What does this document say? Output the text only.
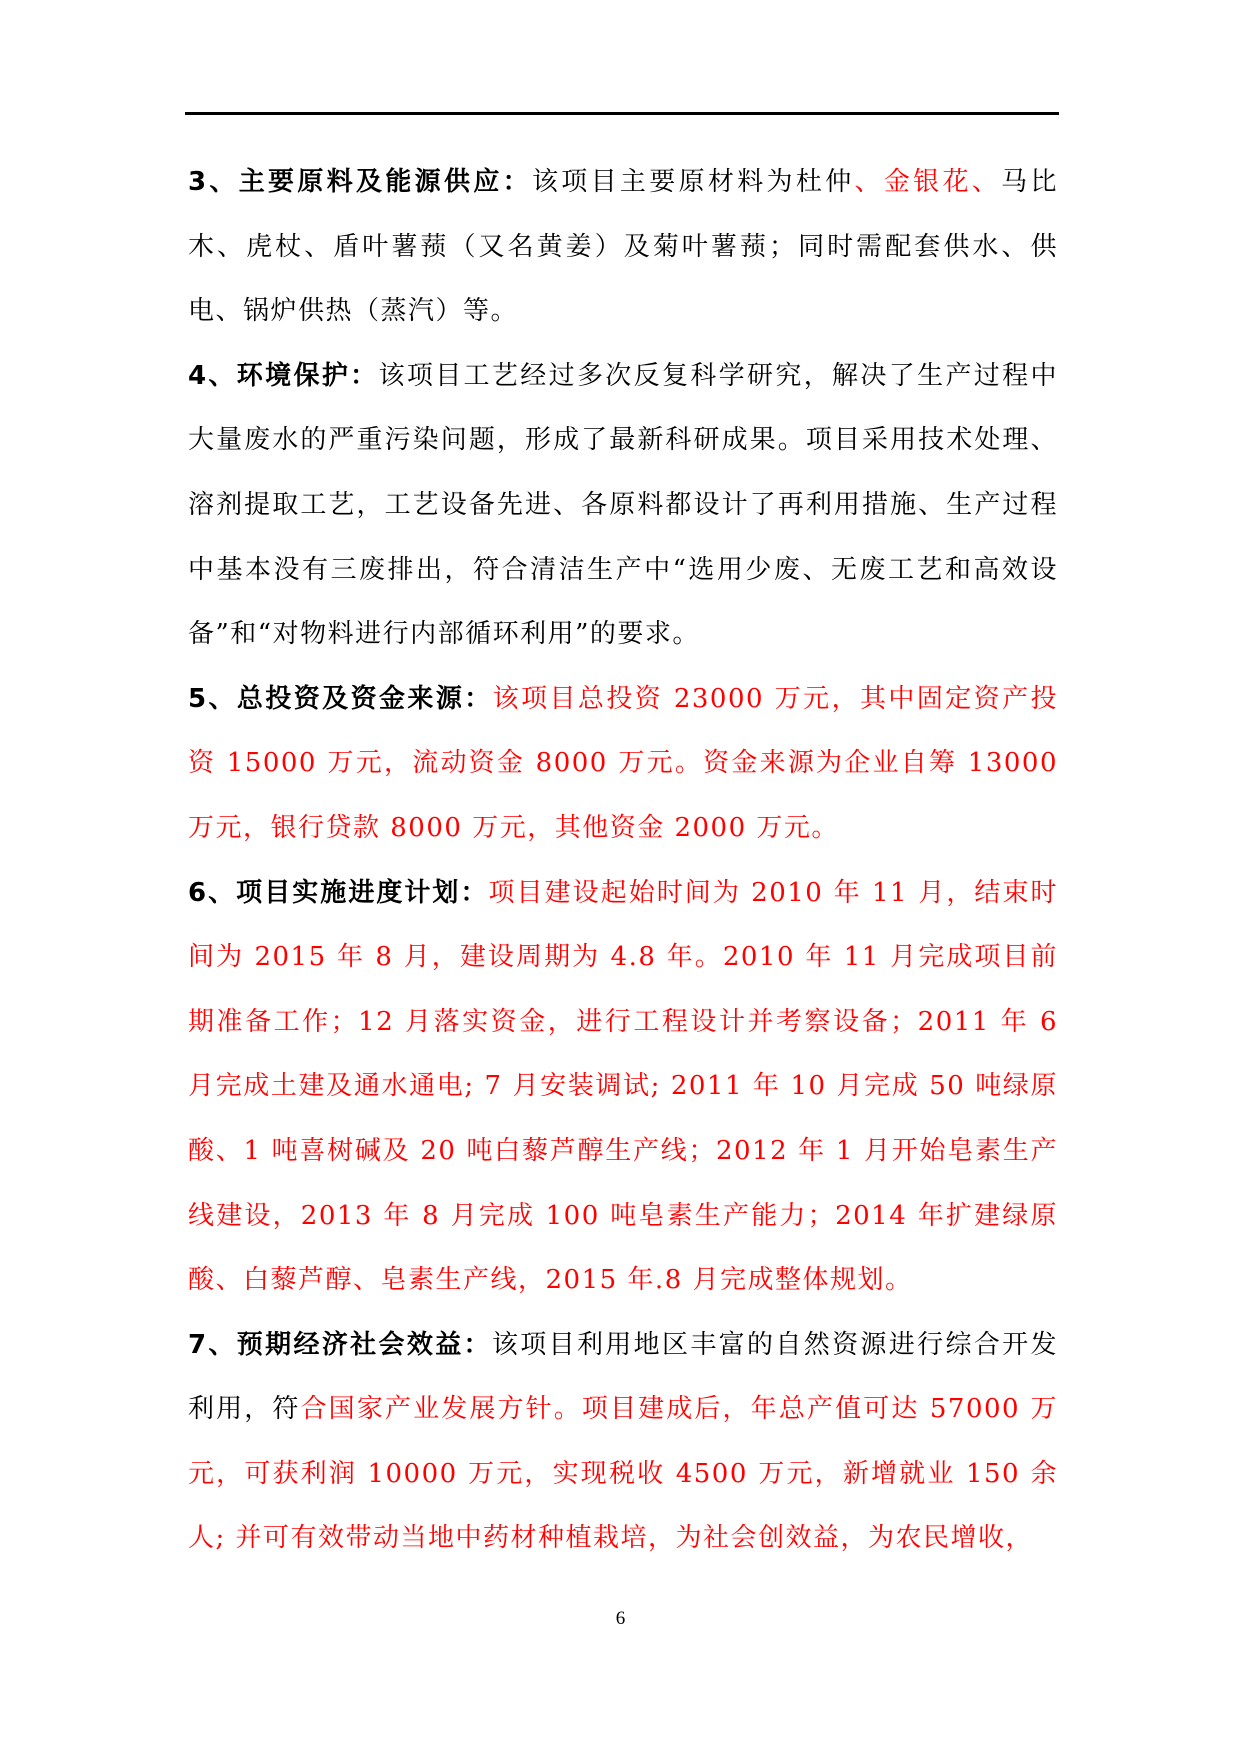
3、主要原料及能源供应：该项目主要原材料为杜仲、金银花、马比木、虎杖、盾叶薯蓣（又名黄姜）及菊叶薯蓣；同时需配套供水、供电、锅炉供热（蒸汽）等。

4、环境保护：该项目工艺经过多次反复科学研究，解决了生产过程中大量废水的严重污染问题，形成了最新科研成果。项目采用技术处理、溶剂提取工艺，工艺设备先进、各原料都设计了再利用措施、生产过程中基本没有三废排出，符合清洁生产中“选用少废、无废工艺和高效设备”和“对物料进行内部循环利用”的要求。

5、总投资及资金来源：该项目总投资 23000 万元，其中固定资产投资 15000 万元，流动资金 8000 万元。资金来源为企业自筹 13000 万元，银行贷款 8000 万元，其他资金 2000 万元。

6、项目实施进度计划：项目建设起始时间为 2010 年 11 月，结束时间为 2015 年 8 月，建设周期为 4.8 年。2010 年 11 月完成项目前期准备工作；12 月落实资金，进行工程设计并考察设备；2011 年 6 月完成土建及通水通电; 7 月安装调试; 2011 年 10 月完成 50 吨绿原酸、1 吨喜树碱及 20 吨白藜芦醇生产线；2012 年 1 月开始皂素生产线建设，2013 年 8 月完成 100 吨皂素生产能力；2014 年扩建绿原酸、白藜芦醇、皂素生产线，2015 年.8 月完成整体规划。

7、预期经济社会效益：该项目利用地区丰富的自然资源进行综合开发利用，符合国家产业发展方针。项目建成后，年总产值可达 57000 万元，可获利润 10000 万元，实现税收 4500 万元，新增就业 150 余人; 并可有效带动当地中药材种植栽培，为社会创效益，为农民增收，

6
